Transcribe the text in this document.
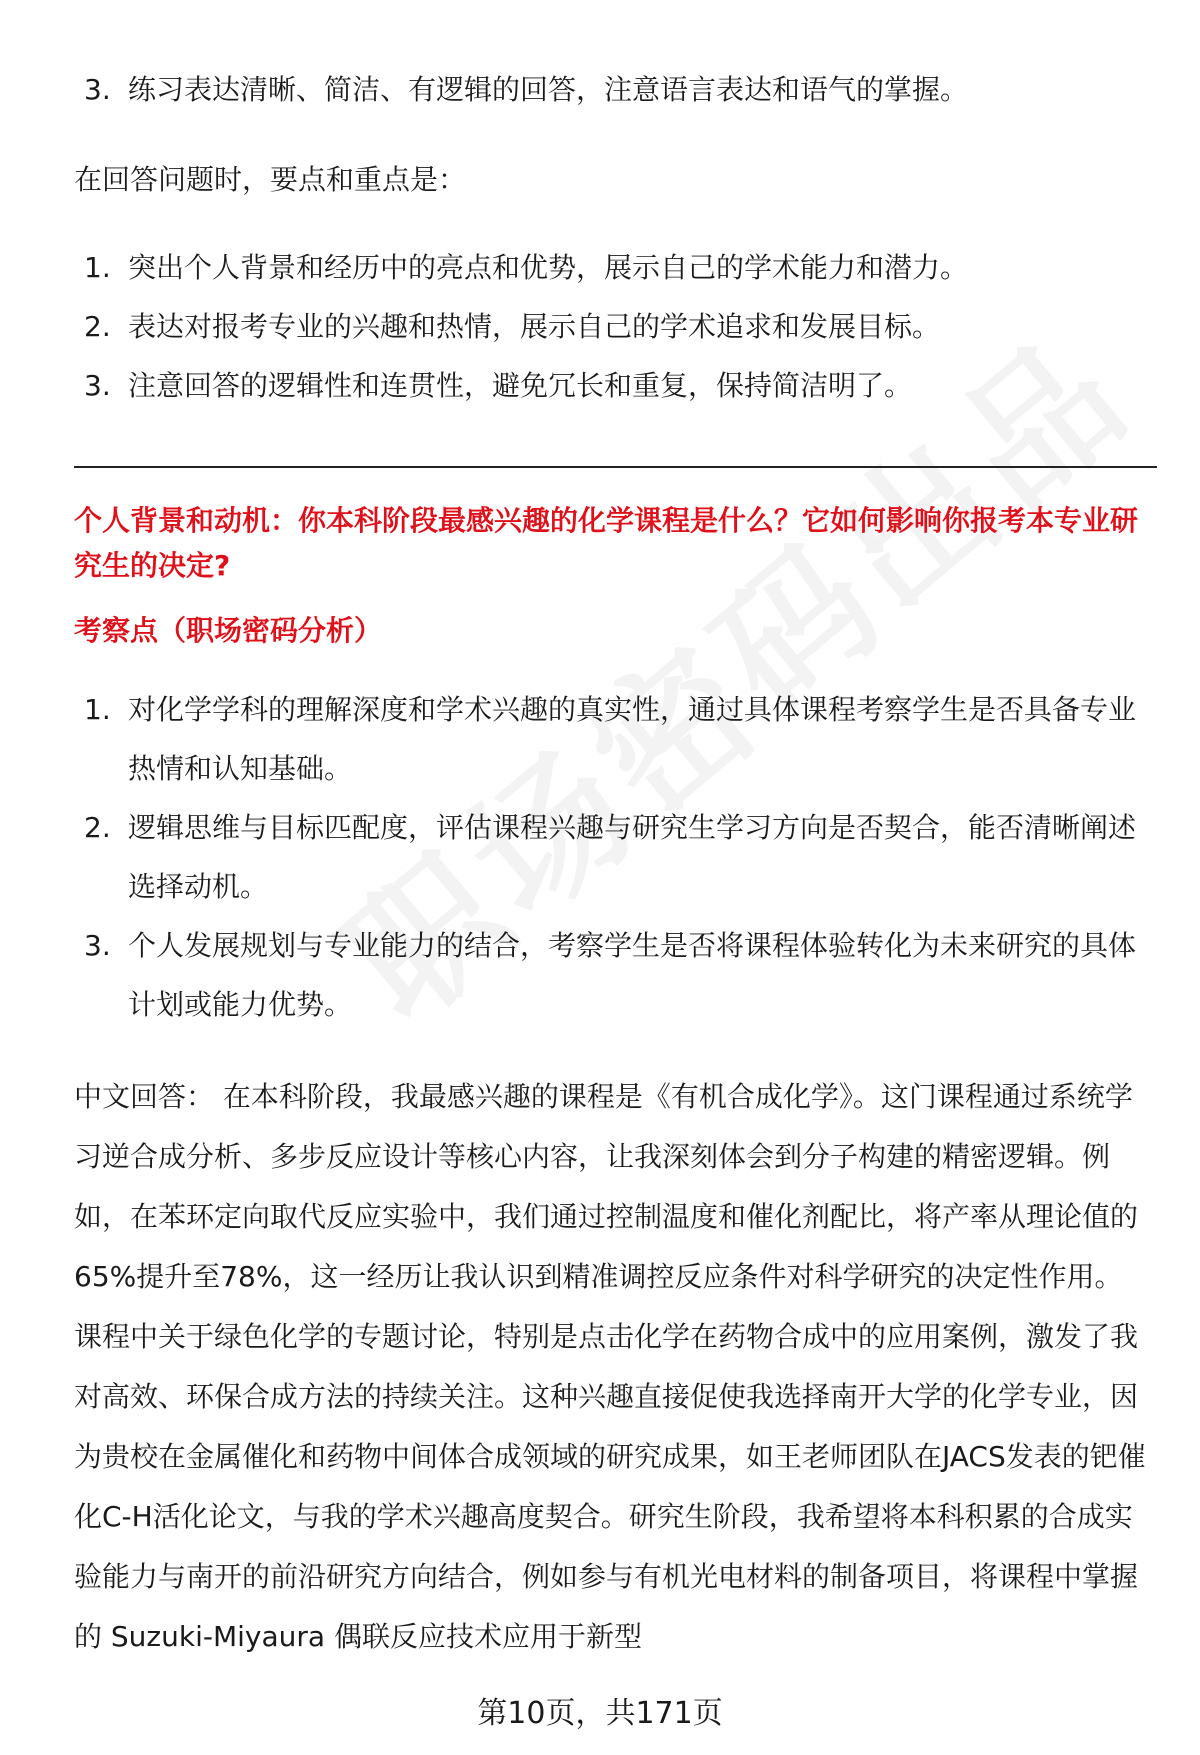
3. 练习表达清晰、简洁、有逻辑的回答，注意语言表达和语气的掌握。
在回答问题时，要点和重点是：
1. 突出个人背景和经历中的亮点和优势，展示自己的学术能力和潜力。
2. 表达对报考专业的兴趣和热情，展示自己的学术追求和发展目标。
3. 注意回答的逻辑性和连贯性，避免冗长和重复，保持简洁明了。
个人背景和动机：你本科阶段最感兴趣的化学课程是什么？它如何影响你报考本专业研究生的决定?
考察点（职场密码分析）
1. 对化学学科的理解深度和学术兴趣的真实性，通过具体课程考察学生是否具备专业热情和认知基础。
2. 逻辑思维与目标匹配度，评估课程兴趣与研究生学习方向是否契合，能否清晰阐述选择动机。
3. 个人发展规划与专业能力的结合，考察学生是否将课程体验转化为未来研究的具体计划或能力优势。
中文回答： 在本科阶段，我最感兴趣的课程是《有机合成化学》。这门课程通过系统学习逆合成分析、多步反应设计等核心内容，让我深刻体会到分子构建的精密逻辑。例如，在苯环定向取代反应实验中，我们通过控制温度和催化剂配比，将产率从理论值的65%提升至78%，这一经历让我认识到精准调控反应条件对科学研究的决定性作用。课程中关于绿色化学的专题讨论，特别是点击化学在药物合成中的应用案例，激发了我对高效、环保合成方法的持续关注。这种兴趣直接促使我选择南开大学的化学专业，因为贵校在金属催化和药物中间体合成领域的研究成果，如王老师团队在JACS发表的钯催化C-H活化论文，与我的学术兴趣高度契合。研究生阶段，我希望将本科积累的合成实验能力与南开的前沿研究方向结合，例如参与有机光电材料的制备项目，将课程中掌握的 Suzuki-Miyaura 偶联反应技术应用于新型
第10页，共171页
